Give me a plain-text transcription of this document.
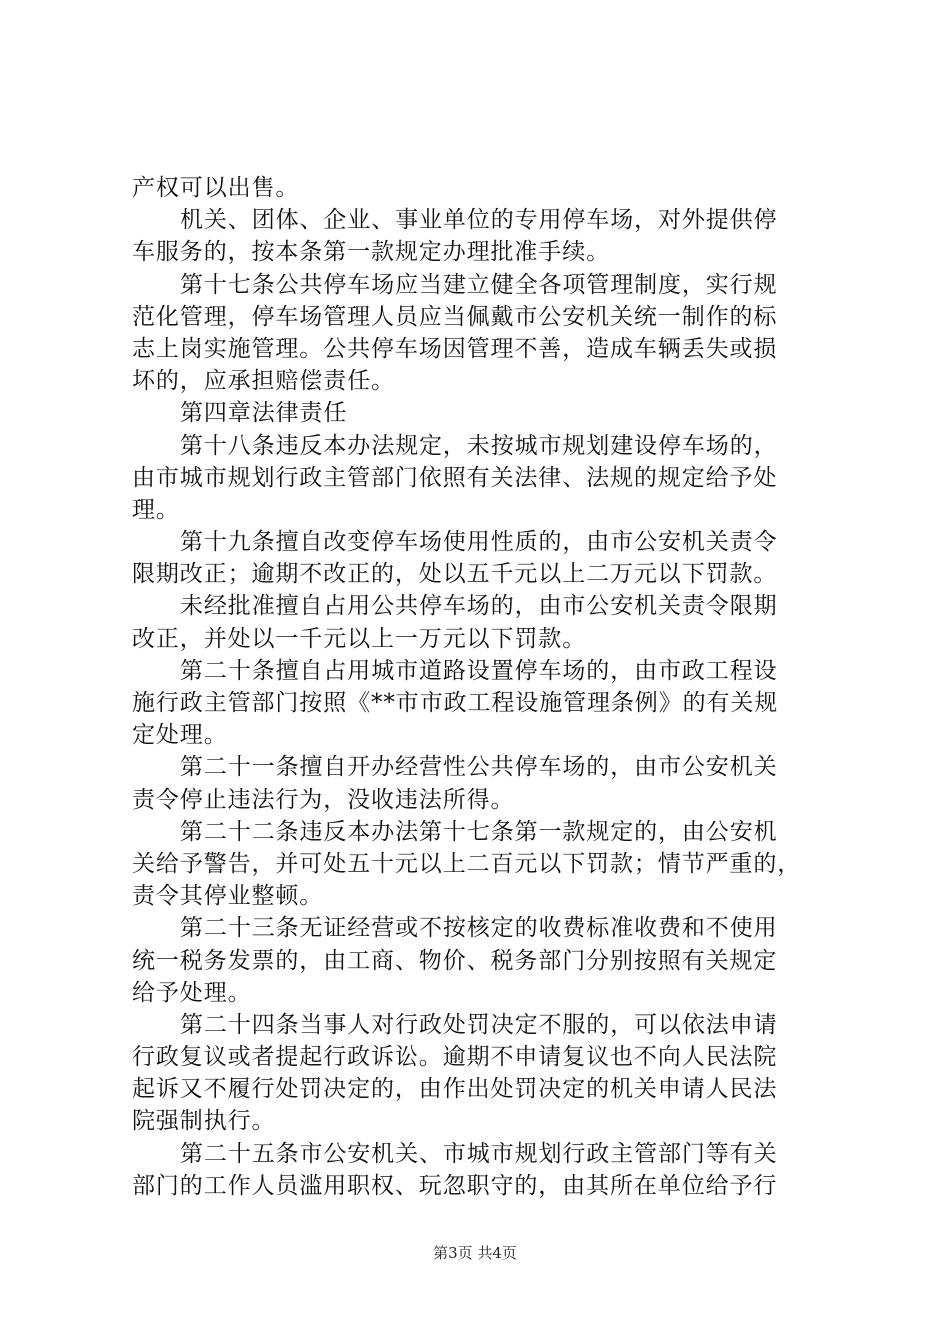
产权可以出售。
机关、团体、企业、事业单位的专用停车场，对外提供停
车服务的，按本条第一款规定办理批准手续。
第十七条公共停车场应当建立健全各项管理制度，实行规
范化管理，停车场管理人员应当佩戴市公安机关统一制作的标
志上岗实施管理。公共停车场因管理不善，造成车辆丢失或损
坏的，应承担赔偿责任。
第四章法律责任
第十八条违反本办法规定，未按城市规划建设停车场的，
由市城市规划行政主管部门依照有关法律、法规的规定给予处
理。
第十九条擅自改变停车场使用性质的，由市公安机关责令
限期改正；逾期不改正的，处以五千元以上二万元以下罚款。
未经批准擅自占用公共停车场的，由市公安机关责令限期
改正，并处以一千元以上一万元以下罚款。
第二十条擅自占用城市道路设置停车场的，由市政工程设
施行政主管部门按照《**市市政工程设施管理条例》的有关规
定处理。
第二十一条擅自开办经营性公共停车场的，由市公安机关
责令停止违法行为，没收违法所得。
第二十二条违反本办法第十七条第一款规定的，由公安机
关给予警告，并可处五十元以上二百元以下罚款；情节严重的，
责令其停业整顿。
第二十三条无证经营或不按核定的收费标准收费和不使用
统一税务发票的，由工商、物价、税务部门分别按照有关规定
给予处理。
第二十四条当事人对行政处罚决定不服的，可以依法申请
行政复议或者提起行政诉讼。逾期不申请复议也不向人民法院
起诉又不履行处罚决定的，由作出处罚决定的机关申请人民法
院强制执行。
第二十五条市公安机关、市城市规划行政主管部门等有关
部门的工作人员滥用职权、玩忽职守的，由其所在单位给予行
第3页 共4页
